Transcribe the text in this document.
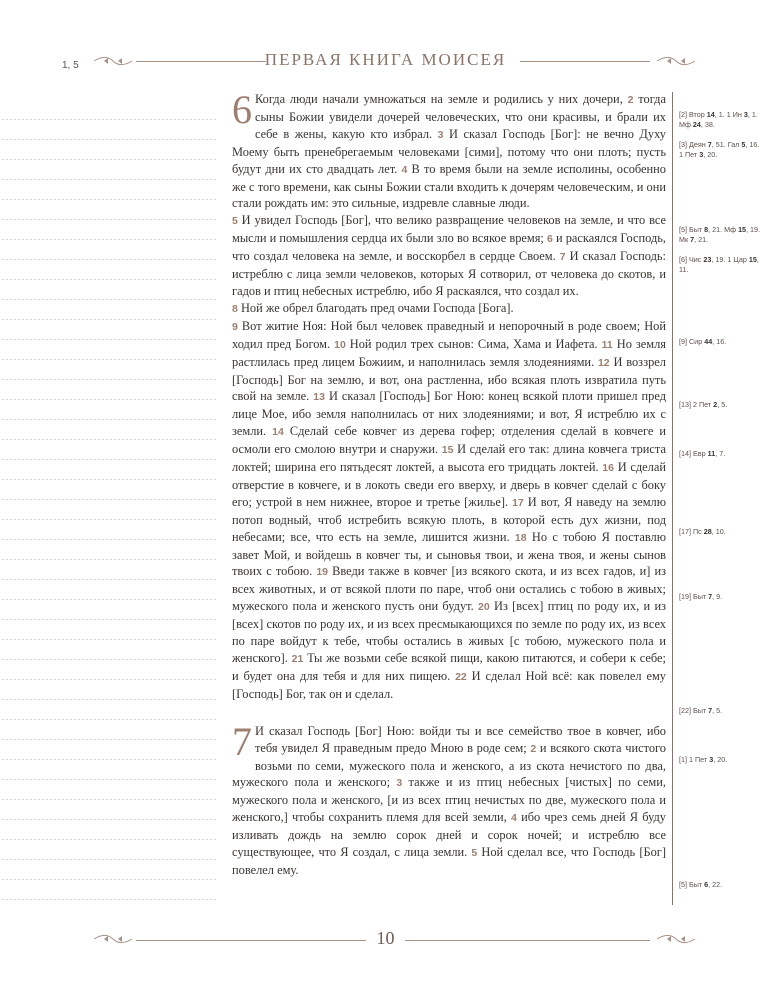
1, 5	ПЕРВАЯ КНИГА МОИСЕЯ

6 Когда люди начали умножаться на земле и родились у них дочери, 2 тогда сыны Божии увидели дочерей человеческих, что они красивы, и брали их себе в жены, какую кто избрал. 3 И сказал Господь [Бог]: не вечно Духу Моему быть пренебрегаемым человеками [сими], потому что они плоть; пусть будут дни их сто двадцать лет. 4 В то время были на земле исполины, особенно же с того времени, как сыны Божии стали входить к дочерям человеческим, и они стали рождать им: это сильные, издревле славные люди.

5 И увидел Господь [Бог], что велико развращение человеков на земле, и что все мысли и помышления сердца их были зло во всякое время; 6 и раскаялся Господь, что создал человека на земле, и восскорбел в сердце Своем. 7 И сказал Господь: истреблю с лица земли человеков, которых Я сотворил, от человека до скотов, и гадов и птиц небесных истреблю, ибо Я раскаялся, что создал их.

8 Ной же обрел благодать пред очами Господа [Бога].

9 Вот житие Ноя: Ной был человек праведный и непорочный в роде своем; Ной ходил пред Богом. 10 Ной родил трех сынов: Сима, Хама и Иафета. 11 Но земля растлилась пред лицем Божиим, и наполнилась земля злодеяниями. 12 И воззрел [Господь] Бог на землю, и вот, она растленна, ибо всякая плоть извратила путь свой на земле. 13 И сказал [Господь] Бог Ною: конец всякой плоти пришел пред лице Мое, ибо земля наполнилась от них злодеяниями; и вот, Я истреблю их с земли. 14 Сделай себе ковчег из дерева гофер; отделения сделай в ковчеге и осмоли его смолою внутри и снаружи. 15 И сделай его так: длина ковчега триста локтей; ширина его пятьдесят локтей, а высота его тридцать локтей. 16 И сделай отверстие в ковчеге, и в локоть сведи его вверху, и дверь в ковчег сделай с боку его; устрой в нем нижнее, второе и третье [жилье]. 17 И вот, Я наведу на землю потоп водный, чтоб истребить всякую плоть, в которой есть дух жизни, под небесами; все, что есть на земле, лишится жизни. 18 Но с тобою Я поставлю завет Мой, и войдешь в ковчег ты, и сыновья твои, и жена твоя, и жены сынов твоих с тобою. 19 Введи также в ковчег [из всякого скота, и из всех гадов, и] из всех животных, и от всякой плоти по паре, чтоб они остались с тобою в живых; мужеского пола и женского пусть они будут. 20 Из [всех] птиц по роду их, и из [всех] скотов по роду их, и из всех пресмыкающихся по земле по роду их, из всех по паре войдут к тебе, чтобы остались в живых [с тобою, мужеского пола и женского]. 21 Ты же возьми себе всякой пищи, какою питаются, и собери к себе; и будет она для тебя и для них пищею. 22 И сделал Ной всё: как повелел ему [Господь] Бог, так он и сделал.

7 И сказал Господь [Бог] Ною: войди ты и все семейство твое в ковчег, ибо тебя увидел Я праведным предо Мною в роде сем; 2 и всякого скота чистого возьми по семи, мужеского пола и женского, а из скота нечистого по два, мужеского пола и женского; 3 также и из птиц небесных [чистых] по семи, мужеского пола и женского, [и из всех птиц нечистых по две, мужеского пола и женского,] чтобы сохранить племя для всей земли, 4 ибо чрез семь дней Я буду изливать дождь на землю сорок дней и сорок ночей; и истреблю все существующее, что Я создал, с лица земли. 5 Ной сделал все, что Господь [Бог] повелел ему.

[2] Втор 14, 1. 1 Ин 3, 1. Мф 24, 38.
[3] Деян 7, 51. Гал 5, 16. 1 Пет 3, 20.
[5] Быт 8, 21. Мф 15, 19. Мк 7, 21.
[6] Чис 23, 19. 1 Цар 15, 11.
[9] Сир 44, 16.
[13] 2 Пет 2, 5.
[14] Евр 11, 7.
[17] Пс 28, 10.
[19] Быт 7, 9.
[22] Быт 7, 5.
[1] 1 Пет 3, 20.
[5] Быт 6, 22.
10
